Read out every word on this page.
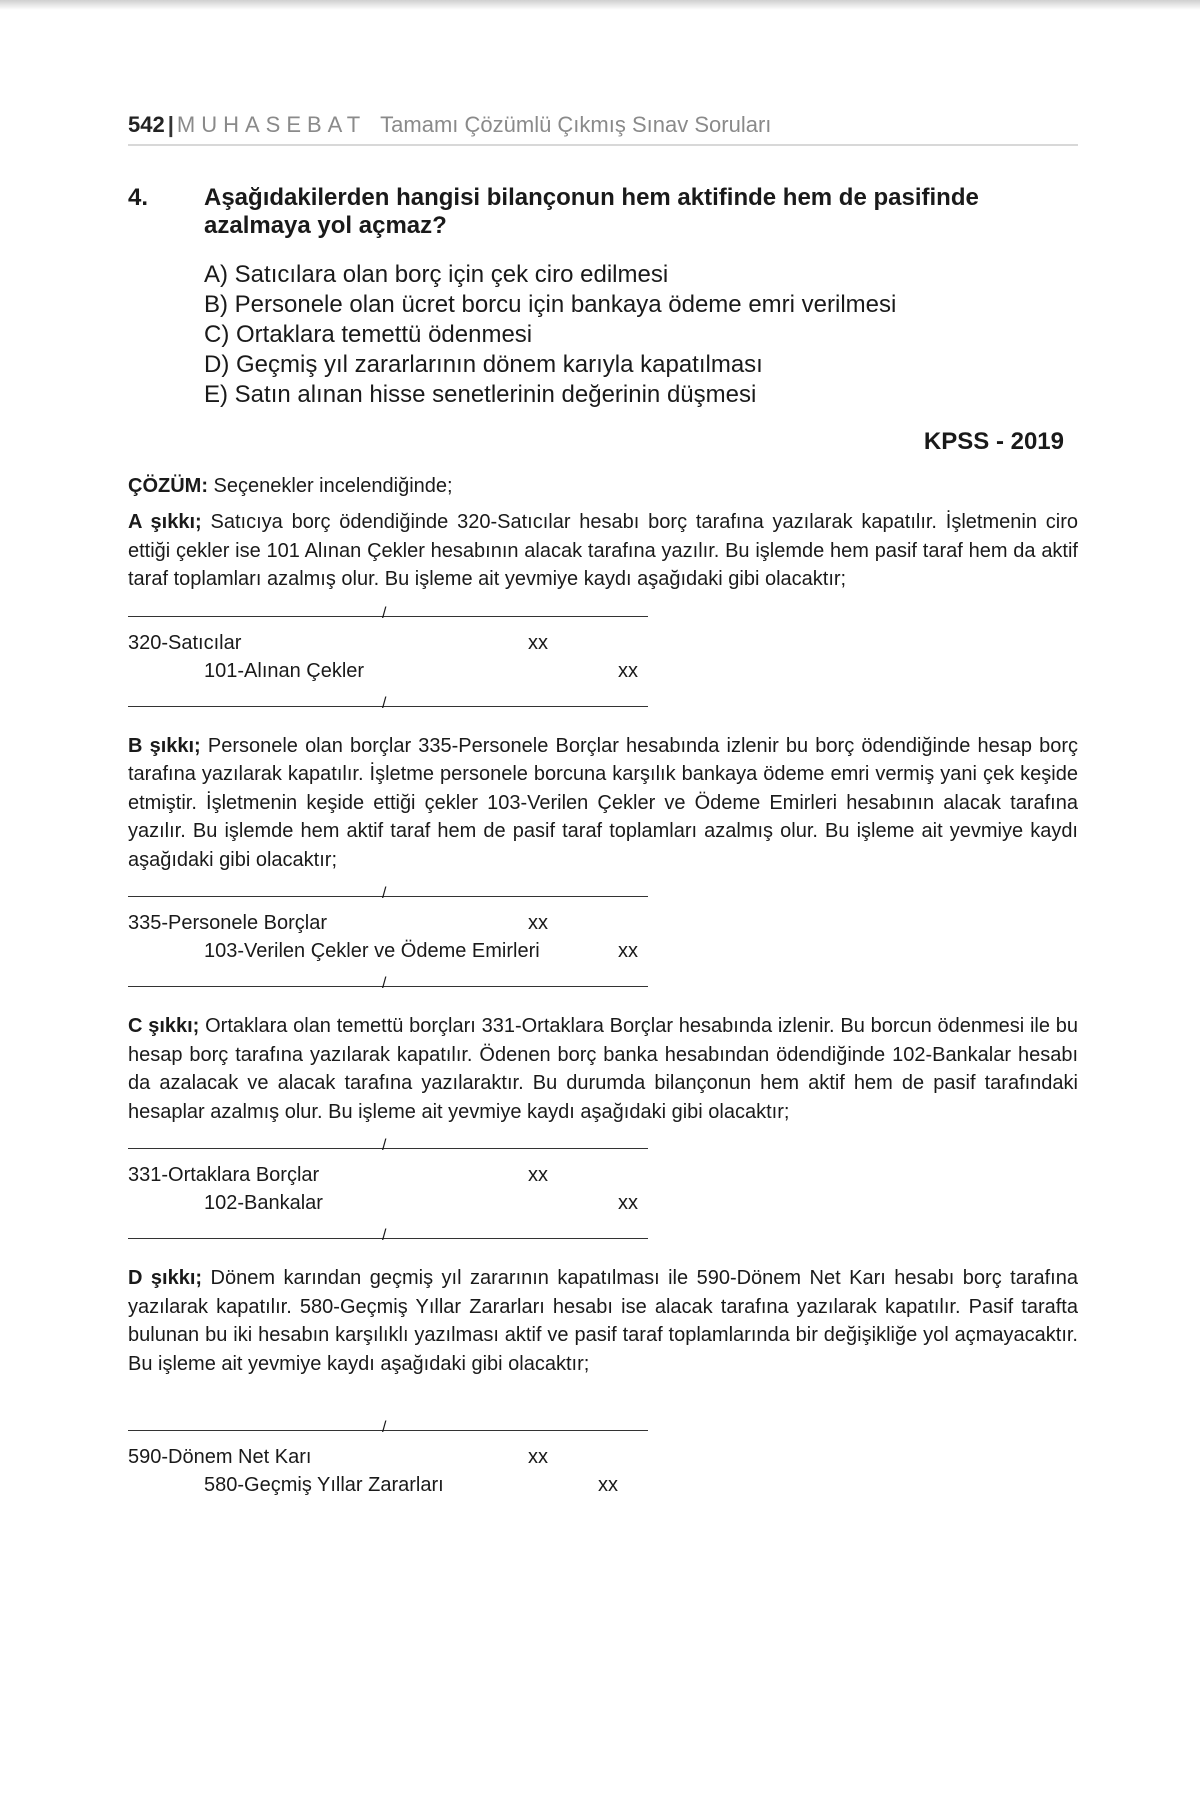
542 | MUHASEBAT Tamamı Çözümlü Çıkmış Sınav Soruları
4. Aşağıdakilerden hangisi bilançonun hem aktifinde hem de pasifinde azalmaya yol açmaz?
A) Satıcılara olan borç için çek ciro edilmesi
B) Personele olan ücret borcu için bankaya ödeme emri verilmesi
C) Ortaklara temettü ödenmesi
D) Geçmiş yıl zararlarının dönem karıyla kapatılması
E) Satın alınan hisse senetlerinin değerinin düşmesi
KPSS - 2019
ÇÖZÜM: Seçenekler incelendiğinde;
A şıkkı; Satıcıya borç ödendiğinde 320-Satıcılar hesabı borç tarafına yazılarak kapatılır. İşletmenin ciro ettiği çekler ise 101 Alınan Çekler hesabının alacak tarafına yazılır. Bu işlemde hem pasif taraf hem da aktif taraf toplamları azalmış olur. Bu işleme ait yevmiye kaydı aşağıdaki gibi olacaktır;
/
320-Satıcılar	xx
101-Alınan Çekler	xx
/
B şıkkı; Personele olan borçlar 335-Personele Borçlar hesabında izlenir bu borç ödendiğinde hesap borç tarafına yazılarak kapatılır. İşletme personele borcuna karşılık bankaya ödeme emri vermiş yani çek keşide etmiştir. İşletmenin keşide ettiği çekler 103-Verilen Çekler ve Ödeme Emirleri hesabının alacak tarafına yazılır. Bu işlemde hem aktif taraf hem de pasif taraf toplamları azalmış olur. Bu işleme ait yevmiye kaydı aşağıdaki gibi olacaktır;
/
335-Personele Borçlar	xx
103-Verilen Çekler ve Ödeme Emirleri	xx
/
C şıkkı; Ortaklara olan temettü borçları 331-Ortaklara Borçlar hesabında izlenir. Bu borcun ödenmesi ile bu hesap borç tarafına yazılarak kapatılır. Ödenen borç banka hesabından ödendiğinde 102-Bankalar hesabı da azalacak ve alacak tarafına yazılaraktır. Bu durumda bilançonun hem aktif hem de pasif tarafındaki hesaplar azalmış olur. Bu işleme ait yevmiye kaydı aşağıdaki gibi olacaktır;
/
331-Ortaklara Borçlar	xx
102-Bankalar	xx
/
D şıkkı; Dönem karından geçmiş yıl zararının kapatılması ile 590-Dönem Net Karı hesabı borç tarafına yazılarak kapatılır. 580-Geçmiş Yıllar Zararları hesabı ise alacak tarafına yazılarak kapatılır. Pasif tarafta bulunan bu iki hesabın karşılıklı yazılması aktif ve pasif taraf toplamlarında bir değişikliğe yol açmayacaktır. Bu işleme ait yevmiye kaydı aşağıdaki gibi olacaktır;
/
590-Dönem Net Karı	xx
580-Geçmiş Yıllar Zararları	xx
